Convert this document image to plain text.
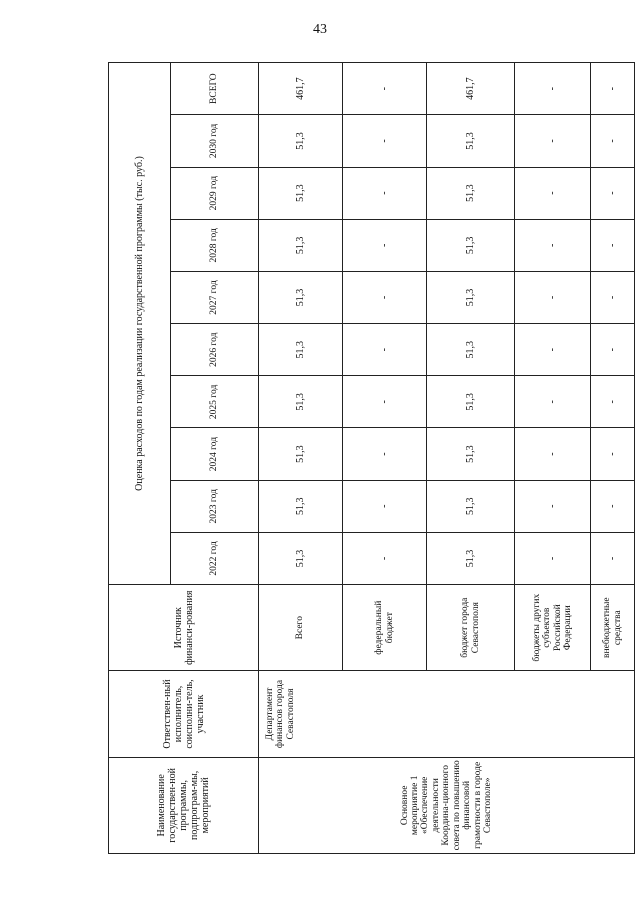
43
Наименование государствен-ной программы, подпрограм-мы, мероприятий	Ответствен-ный исполнитель, соисполни-тель, участник	Источник финанси-рования	Оценка расходов по годам реализации государственной программы (тыс. руб.)									
			2022 год	2023 год	2024 год	2025 год	2026 год	2027 год	2028 год	2029 год	2030 год	ВСЕГО
Основное мероприятие 1 «Обеспечение деятельности Координа-ционного совета по повышению финансовой грамотности в городе Севастополе»	Департамент финансов города Севастополя	Всего	51,3	51,3	51,3	51,3	51,3	51,3	51,3	51,3	51,3	461,7
		федеральный бюджет	-	-	-	-	-	-	-	-	-	-
		бюджет города Севастополя	51,3	51,3	51,3	51,3	51,3	51,3	51,3	51,3	51,3	461,7
		бюджеты других субъектов Российской Федерации	-	-	-	-	-	-	-	-	-	-
		внебюджетные средства	-	-	-	-	-	-	-	-	-	-
